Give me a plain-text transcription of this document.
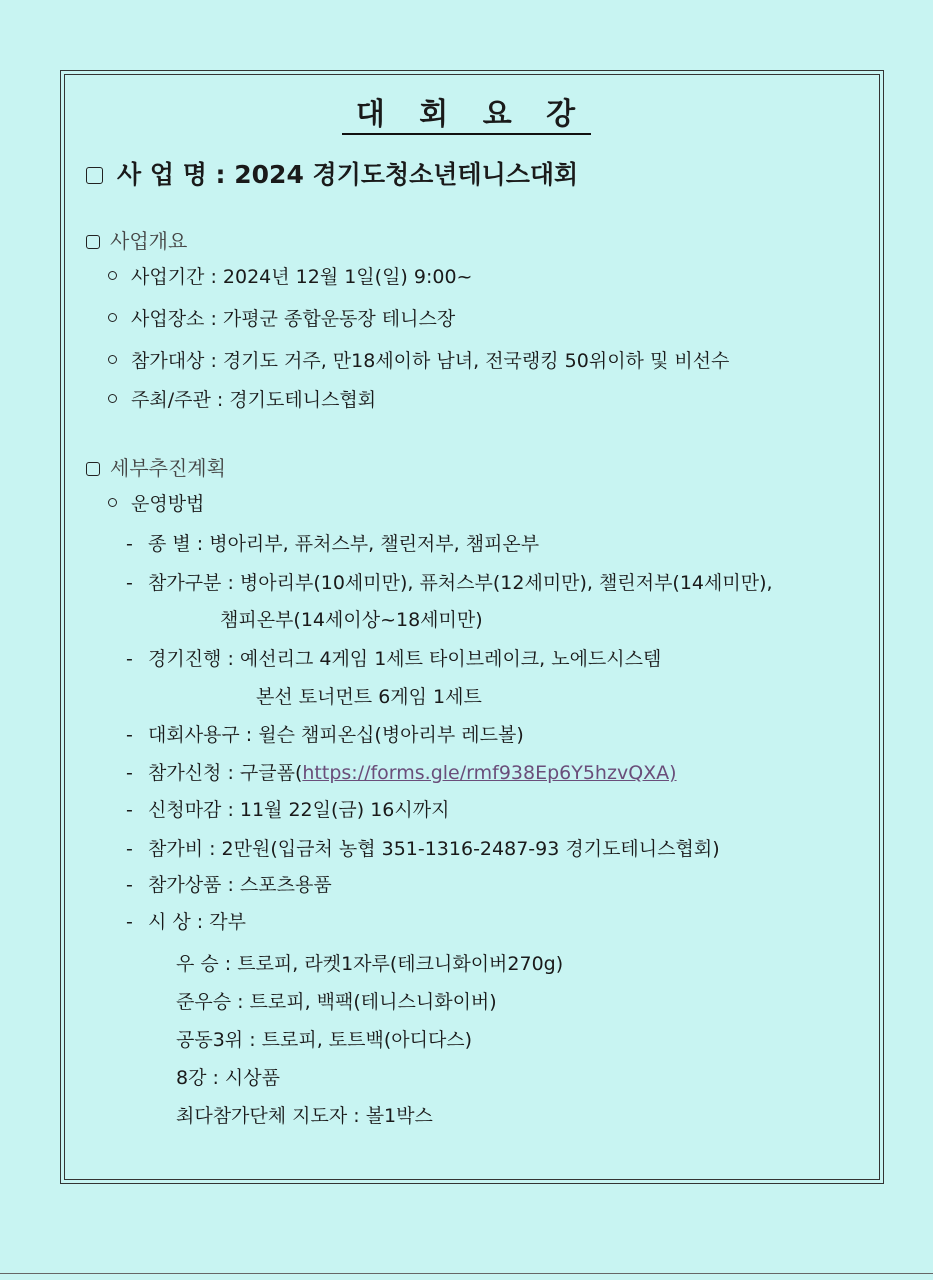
대 회 요 강
사 업 명 : 2024 경기도청소년테니스대회
사업개요
사업기간 : 2024년 12월 1일(일) 9:00~
사업장소 : 가평군 종합운동장 테니스장
참가대상 : 경기도 거주, 만18세이하 남녀, 전국랭킹 50위이하 및 비선수
주최/주관 : 경기도테니스협회
세부추진계획
운영방법
- 종 별 : 병아리부, 퓨처스부, 챌린저부, 챔피온부
- 참가구분 : 병아리부(10세미만), 퓨처스부(12세미만), 챌린저부(14세미만),
챔피온부(14세이상~18세미만)
- 경기진행 : 예선리그 4게임 1세트 타이브레이크, 노에드시스템
본선 토너먼트 6게임 1세트
- 대회사용구 : 윌슨 챔피온십(병아리부 레드볼)
- 참가신청 : 구글폼(https://forms.gle/rmf938Ep6Y5hzvQXA)
- 신청마감 : 11월 22일(금) 16시까지
- 참가비 : 2만원(입금처 농협 351-1316-2487-93 경기도테니스협회)
- 참가상품 : 스포츠용품
- 시 상 : 각부
우 승 : 트로피, 라켓1자루(테크니화이버270g)
준우승 : 트로피, 백팩(테니스니화이버)
공동3위 : 트로피, 토트백(아디다스)
8강 : 시상품
최다참가단체 지도자 : 볼1박스
